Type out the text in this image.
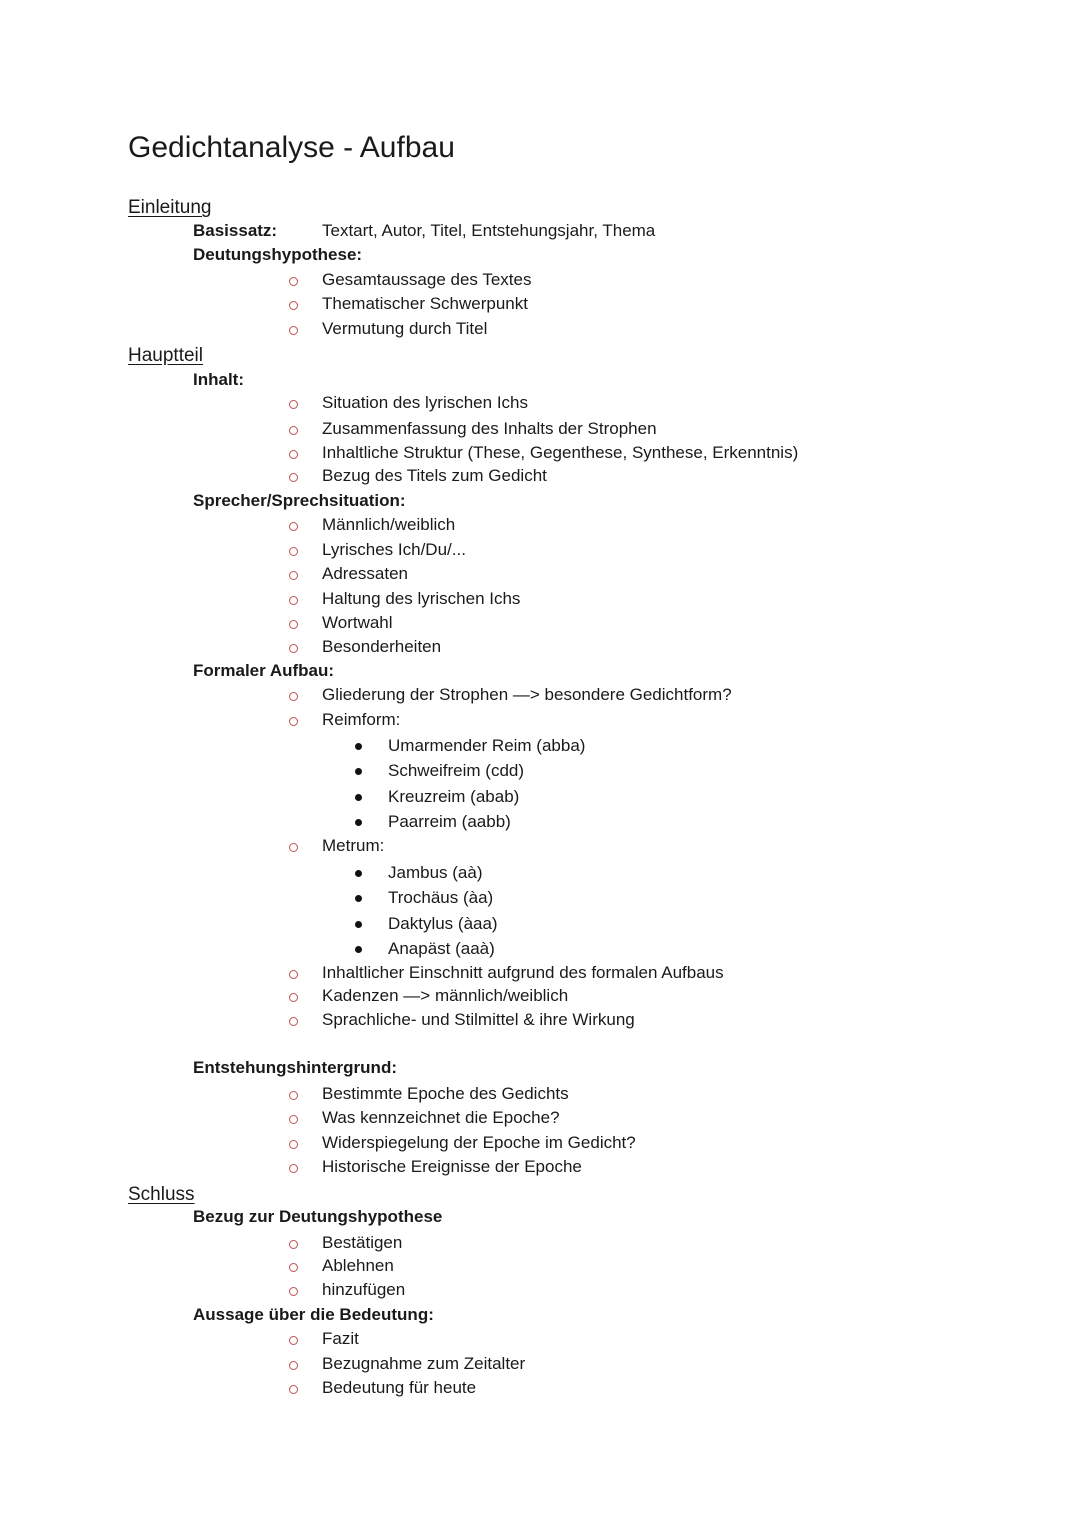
Gedichtanalyse - Aufbau
Einleitung
Basissatz:	Textart, Autor, Titel, Entstehungsjahr, Thema
Deutungshypothese:
Gesamtaussage des Textes
Thematischer Schwerpunkt
Vermutung durch Titel
Hauptteil
Inhalt:
Situation des lyrischen Ichs
Zusammenfassung des Inhalts der Strophen
Inhaltliche Struktur (These, Gegenthese, Synthese, Erkenntnis)
Bezug des Titels zum Gedicht
Sprecher/Sprechsituation:
Männlich/weiblich
Lyrisches Ich/Du/...
Adressaten
Haltung des lyrischen Ichs
Wortwahl
Besonderheiten
Formaler Aufbau:
Gliederung der Strophen —> besondere Gedichtform?
Reimform:
Umarmender Reim (abba)
Schweifreim (cdd)
Kreuzreim (abab)
Paarreim (aabb)
Metrum:
Jambus (aà)
Trochäus (àa)
Daktylus (àaa)
Anapäst (aaà)
Inhaltlicher Einschnitt aufgrund des formalen Aufbaus
Kadenzen —> männlich/weiblich
Sprachliche- und Stilmittel & ihre Wirkung
Entstehungshintergrund:
Bestimmte Epoche des Gedichts
Was kennzeichnet die Epoche?
Widerspiegelung der Epoche im Gedicht?
Historische Ereignisse der Epoche
Schluss
Bezug zur Deutungshypothese
Bestätigen
Ablehnen
hinzufügen
Aussage über die Bedeutung:
Fazit
Bezugnahme zum Zeitalter
Bedeutung für heute
